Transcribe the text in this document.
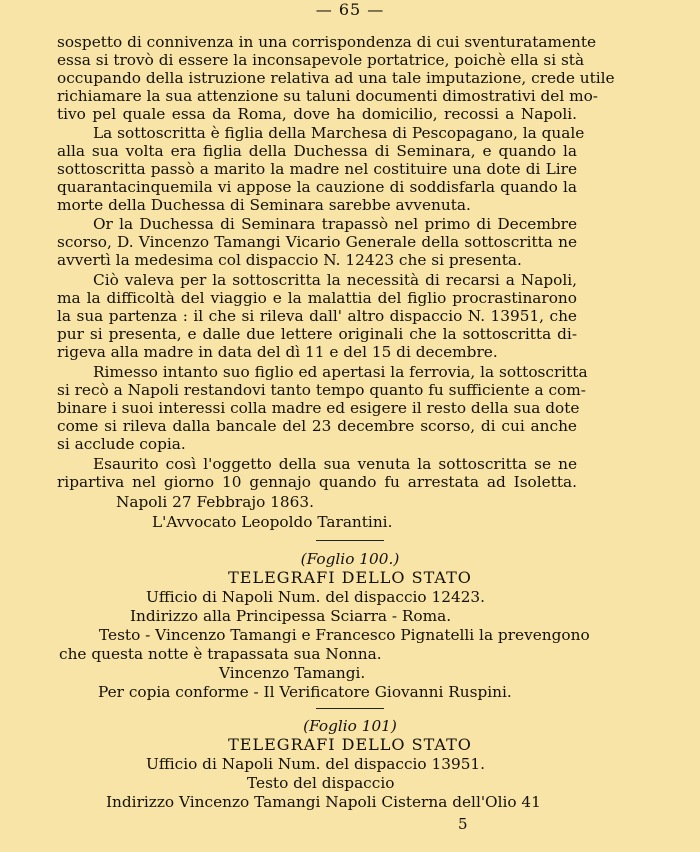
— 65 —
sospetto di connivenza in una corrispondenza di cui sventuratamente
essa si trovò di essere la inconsapevole portatrice, poichè ella si stà
occupando della istruzione relativa ad una tale imputazione, crede utile
richiamare la sua attenzione su taluni documenti dimostrativi del mo-
tivo pel quale essa da Roma, dove ha domicilio, recossi a Napoli.
La sottoscritta è figlia della Marchesa di Pescopagano, la quale
alla sua volta era figlia della Duchessa di Seminara, e quando la
sottoscritta passò a marito la madre nel costituire una dote di Lire
quarantacinquemila vi appose la cauzione di soddisfarla quando la
morte della Duchessa di Seminara sarebbe avvenuta.
Or la Duchessa di Seminara trapassò nel primo di Decembre
scorso, D. Vincenzo Tamangi Vicario Generale della sottoscritta ne
avvertì la medesima col dispaccio N. 12423 che si presenta.
Ciò valeva per la sottoscritta la necessità di recarsi a Napoli,
ma la difficoltà del viaggio e la malattia del figlio procrastinarono
la sua partenza : il che si rileva dall' altro dispaccio N. 13951, che
pur si presenta, e dalle due lettere originali che la sottoscritta di-
rigeva alla madre in data del dì 11 e del 15 di decembre.
Rimesso intanto suo figlio ed apertasi la ferrovia, la sottoscritta
si recò a Napoli restandovi tanto tempo quanto fu sufficiente a com-
binare i suoi interessi colla madre ed esigere il resto della sua dote
come si rileva dalla bancale del 23 decembre scorso, di cui anche
si acclude copia.
Esaurito così l'oggetto della sua venuta la sottoscritta se ne
ripartiva nel giorno 10 gennajo quando fu arrestata ad Isoletta.
Napoli 27 Febbrajo 1863.
L'Avvocato Leopoldo Tarantini.
(Foglio 100.)
TELEGRAFI DELLO STATO
Ufficio di Napoli Num. del dispaccio 12423.
Indirizzo alla Principessa Sciarra - Roma.
Testo - Vincenzo Tamangi e Francesco Pignatelli la prevengono
che questa notte è trapassata sua Nonna.
Vincenzo Tamangi.
Per copia conforme - Il Verificatore Giovanni Ruspini.
(Foglio 101)
TELEGRAFI DELLO STATO
Ufficio di Napoli Num. del dispaccio 13951.
Testo del dispaccio
Indirizzo Vincenzo Tamangi Napoli Cisterna dell'Olio 41
5
